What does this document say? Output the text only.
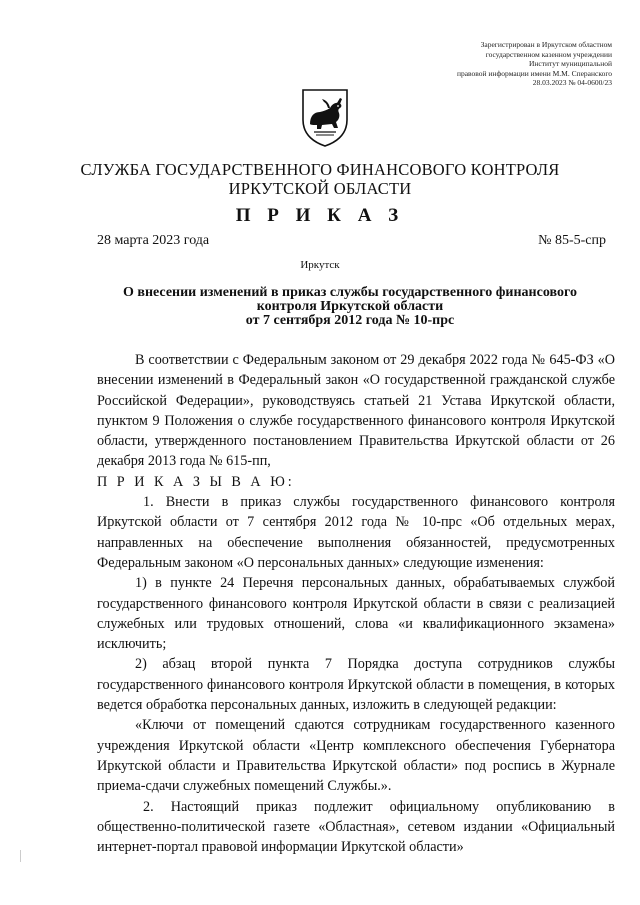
Зарегистрирован в Иркутском областном
государственном казенном учреждении
Институт муниципальной
правовой информации имени М.М. Сперанского
28.03.2023 № 04-0600/23
СЛУЖБА ГОСУДАРСТВЕННОГО ФИНАНСОВОГО КОНТРОЛЯ
ИРКУТСКОЙ ОБЛАСТИ
П Р И К А З
28 марта 2023 года	№ 85-5-спр
Иркутск
О внесении изменений в приказ службы государственного финансового
контроля Иркутской области
от 7 сентября 2012 года № 10-прс

В соответствии с Федеральным законом от 29 декабря 2022 года № 645-ФЗ «О внесении изменений в Федеральный закон «О государственной гражданской службе Российской Федерации», руководствуясь статьей 21 Устава Иркутской области, пунктом 9 Положения о службе государственного финансового контроля Иркутской области, утвержденного постановлением Правительства Иркутской области от 26 декабря 2013 года № 615-пп,

П Р И К А З Ы В А Ю:

1. Внести в приказ службы государственного финансового контроля Иркутской области от 7 сентября 2012 года № 10-прс «Об отдельных мерах, направленных на обеспечение выполнения обязанностей, предусмотренных Федеральным законом «О персональных данных» следующие изменения:

1) в пункте 24 Перечня персональных данных, обрабатываемых службой государственного финансового контроля Иркутской области в связи с реализацией служебных или трудовых отношений, слова «и квалификационного экзамена» исключить;

2) абзац второй пункта 7 Порядка доступа сотрудников службы государственного финансового контроля Иркутской области в помещения, в которых ведется обработка персональных данных, изложить в следующей редакции:

«Ключи от помещений сдаются сотрудникам государственного казенного учреждения Иркутской области «Центр комплексного обеспечения Губернатора Иркутской области и Правительства Иркутской области» под роспись в Журнале приема-сдачи служебных помещений Службы.».

2. Настоящий приказ подлежит официальному опубликованию в общественно-политической газете «Областная», сетевом издании «Официальный интернет-портал правовой информации Иркутской области»
